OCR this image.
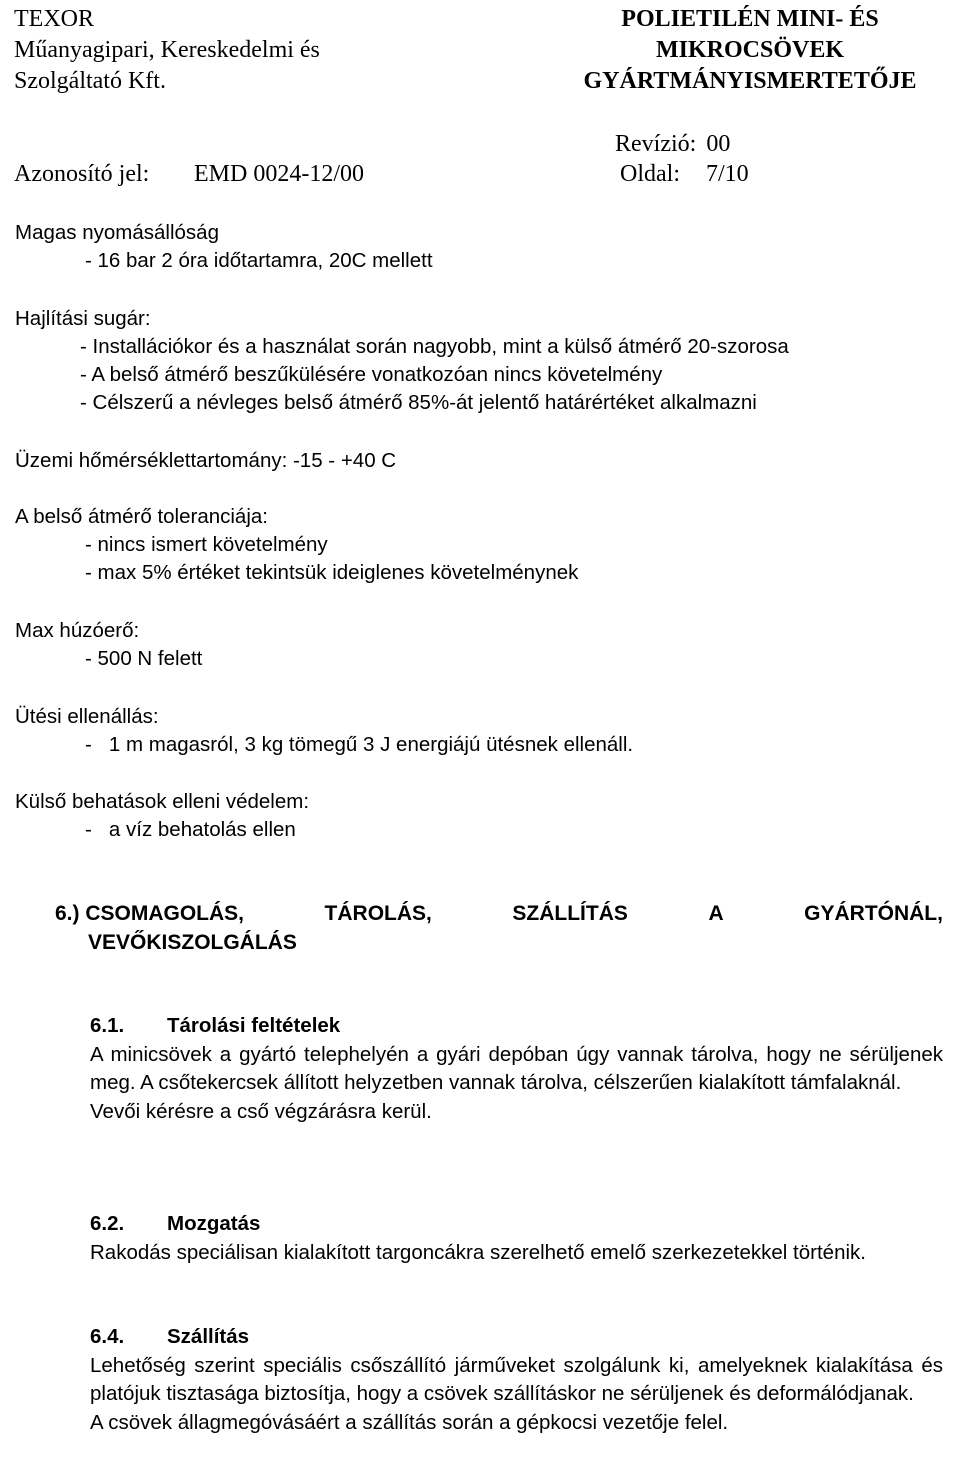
TEXOR
Műanyagipari, Kereskedelmi és
Szolgáltató Kft.
POLIETILÉN MINI- ÉS
MIKROCSÖVEK
GYÁRTMÁNYISMERTETŐJE
Revízió: 00
Azonosító jel: EMD 0024-12/00	Oldal: 7/10
Magas nyomásállóság
- 16 bar 2 óra időtartamra, 20C mellett
Hajlítási sugár:
- Installációkor és a használat során nagyobb, mint a külső átmérő 20-szorosa
- A belső átmérő beszűkülésére vonatkozóan nincs követelmény
- Célszerű a névleges belső átmérő 85%-át jelentő határértéket alkalmazni
Üzemi hőmérséklettartomány: -15 - +40 C
A belső átmérő toleranciája:
- nincs ismert követelmény
- max 5% értéket tekintsük ideiglenes követelménynek
Max húzóerő:
- 500 N felett
Ütési ellenállás:
-   1 m magasról, 3 kg tömegű 3 J energiájú ütésnek ellenáll.
Külső behatások elleni védelem:
-   a víz behatolás ellen
6.) CSOMAGOLÁS,	TÁROLÁS,	SZÁLLÍTÁS	A	GYÁRTÓNÁL,
VEVŐKISZOLGÁLÁS
6.1. Tárolási feltételek
A minicsövek a gyártó telephelyén a gyári depóban úgy vannak tárolva, hogy ne sérüljenek meg. A csőtekercsek állított helyzetben vannak tárolva, célszerűen kialakított támfalaknál.
Vevői kérésre a cső végzárásra kerül.
6.2. Mozgatás
Rakodás speciálisan kialakított targoncákra szerelhető emelő szerkezetekkel történik.
6.4. Szállítás
Lehetőség szerint speciális csőszállító járműveket szolgálunk ki, amelyeknek kialakítása és platójuk tisztasága biztosítja, hogy a csövek szállításkor ne sérüljenek és deformálódjanak.
A csövek állagmegóvásáért a szállítás során a gépkocsi vezetője felel.
